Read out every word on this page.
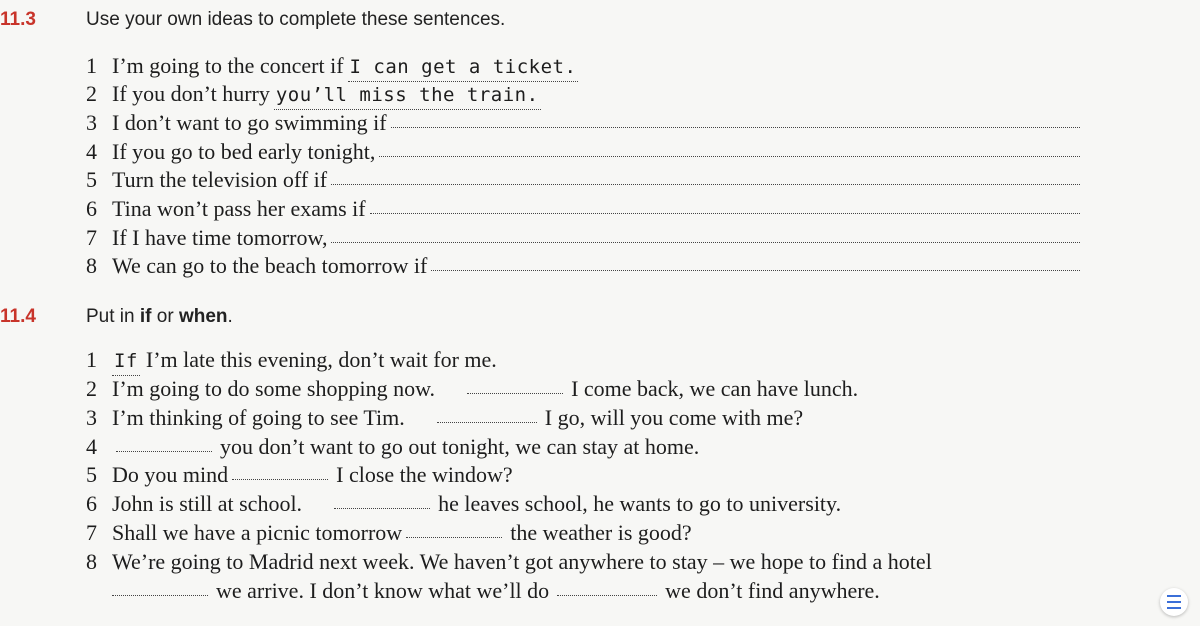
11.3	Use your own ideas to complete these sentences.
1 I’m going to the concert if I can get a ticket.
2 If you don’t hurry you’ll miss the train.
3 I don’t want to go swimming if
4 If you go to bed early tonight,
5 Turn the television off if
6 Tina won’t pass her exams if
7 If I have time tomorrow,
8 We can go to the beach tomorrow if
11.4	Put in if or when.
1 If I’m late this evening, don’t wait for me.
2 I’m going to do some shopping now.	I come back, we can have lunch.
3 I’m thinking of going to see Tim.	I go, will you come with me?
4	you don’t want to go out tonight, we can stay at home.
5 Do you mind	I close the window?
6 John is still at school.	he leaves school, he wants to go to university.
7 Shall we have a picnic tomorrow	the weather is good?
8 We’re going to Madrid next week. We haven’t got anywhere to stay – we hope to find a hotel
we arrive. I don’t know what we’ll do	we don’t find anywhere.
